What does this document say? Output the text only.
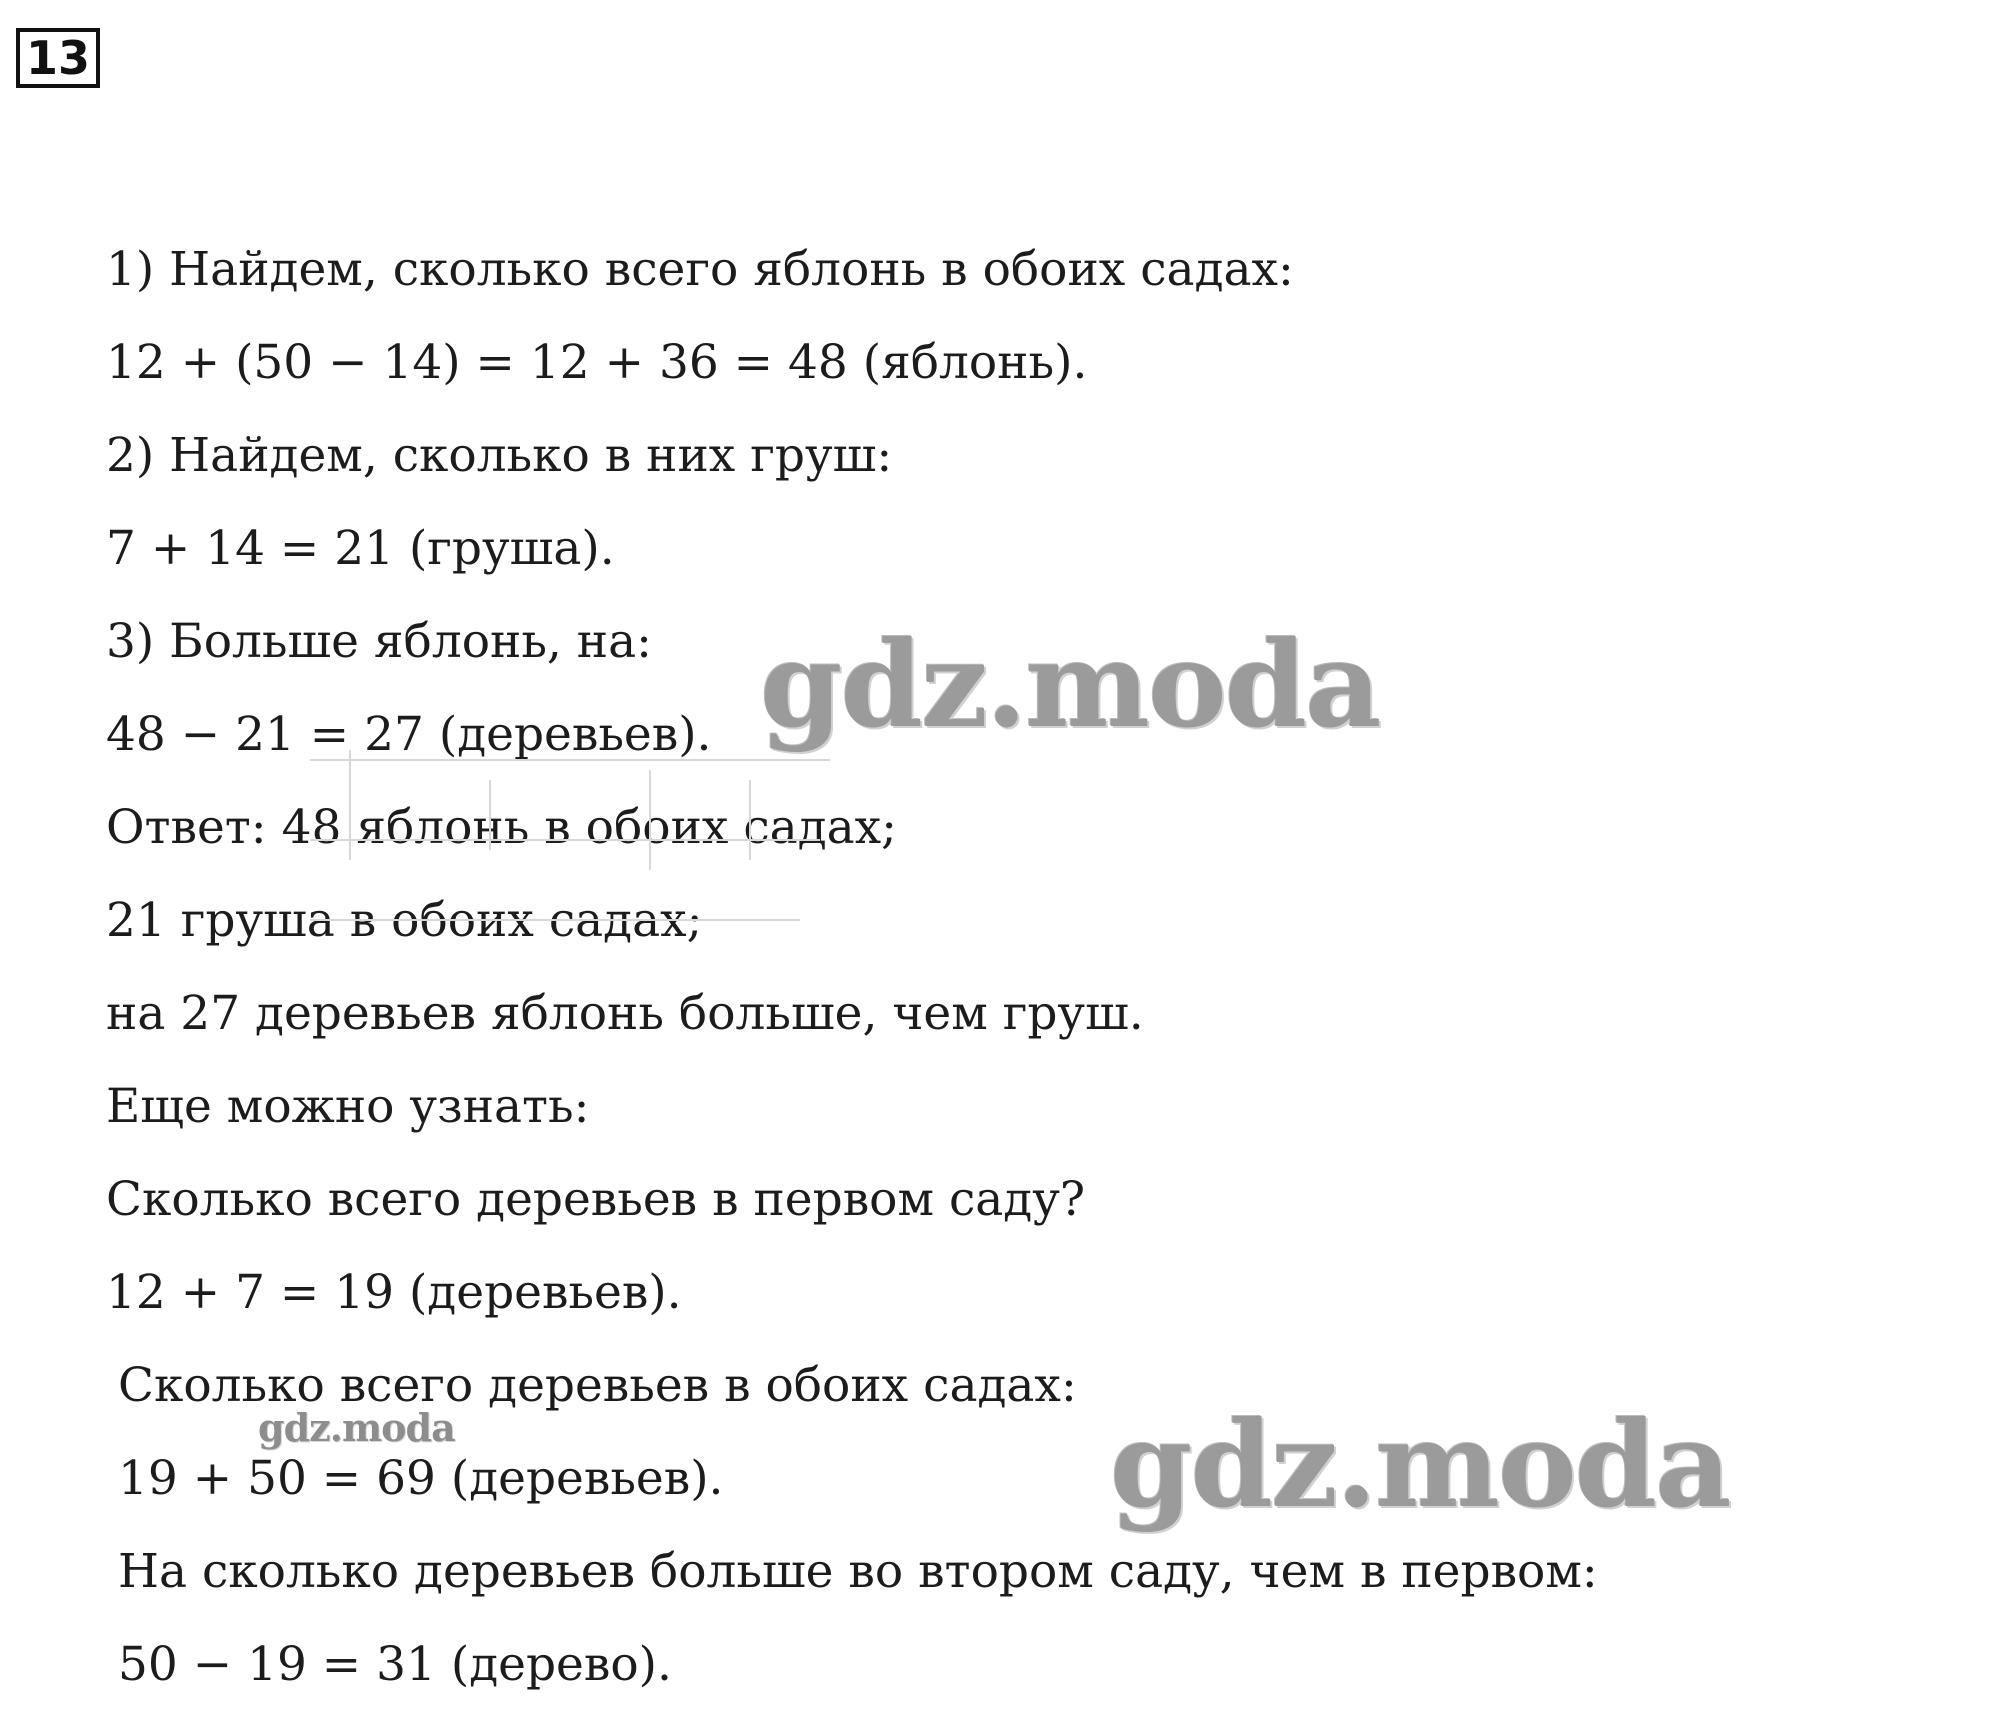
13
1) Найдем, сколько всего яблонь в обоих садах:
12 + (50 − 14) = 12 + 36 = 48 (яблонь).
2) Найдем, сколько в них груш:
7 + 14 = 21 (груша).
3) Больше яблонь, на:
48 − 21 = 27 (деревьев).
Ответ: 48 яблонь в обоих садах;
21 груша в обоих садах;
на 27 деревьев яблонь больше, чем груш.
Еще можно узнать:
Сколько всего деревьев в первом саду?
12 + 7 = 19 (деревьев).
Сколько всего деревьев в обоих садах:
19 + 50 = 69 (деревьев).
На сколько деревьев больше во втором саду, чем в первом:
50 − 19 = 31 (дерево).
gdz.moda
gdz.moda
gdz.moda
